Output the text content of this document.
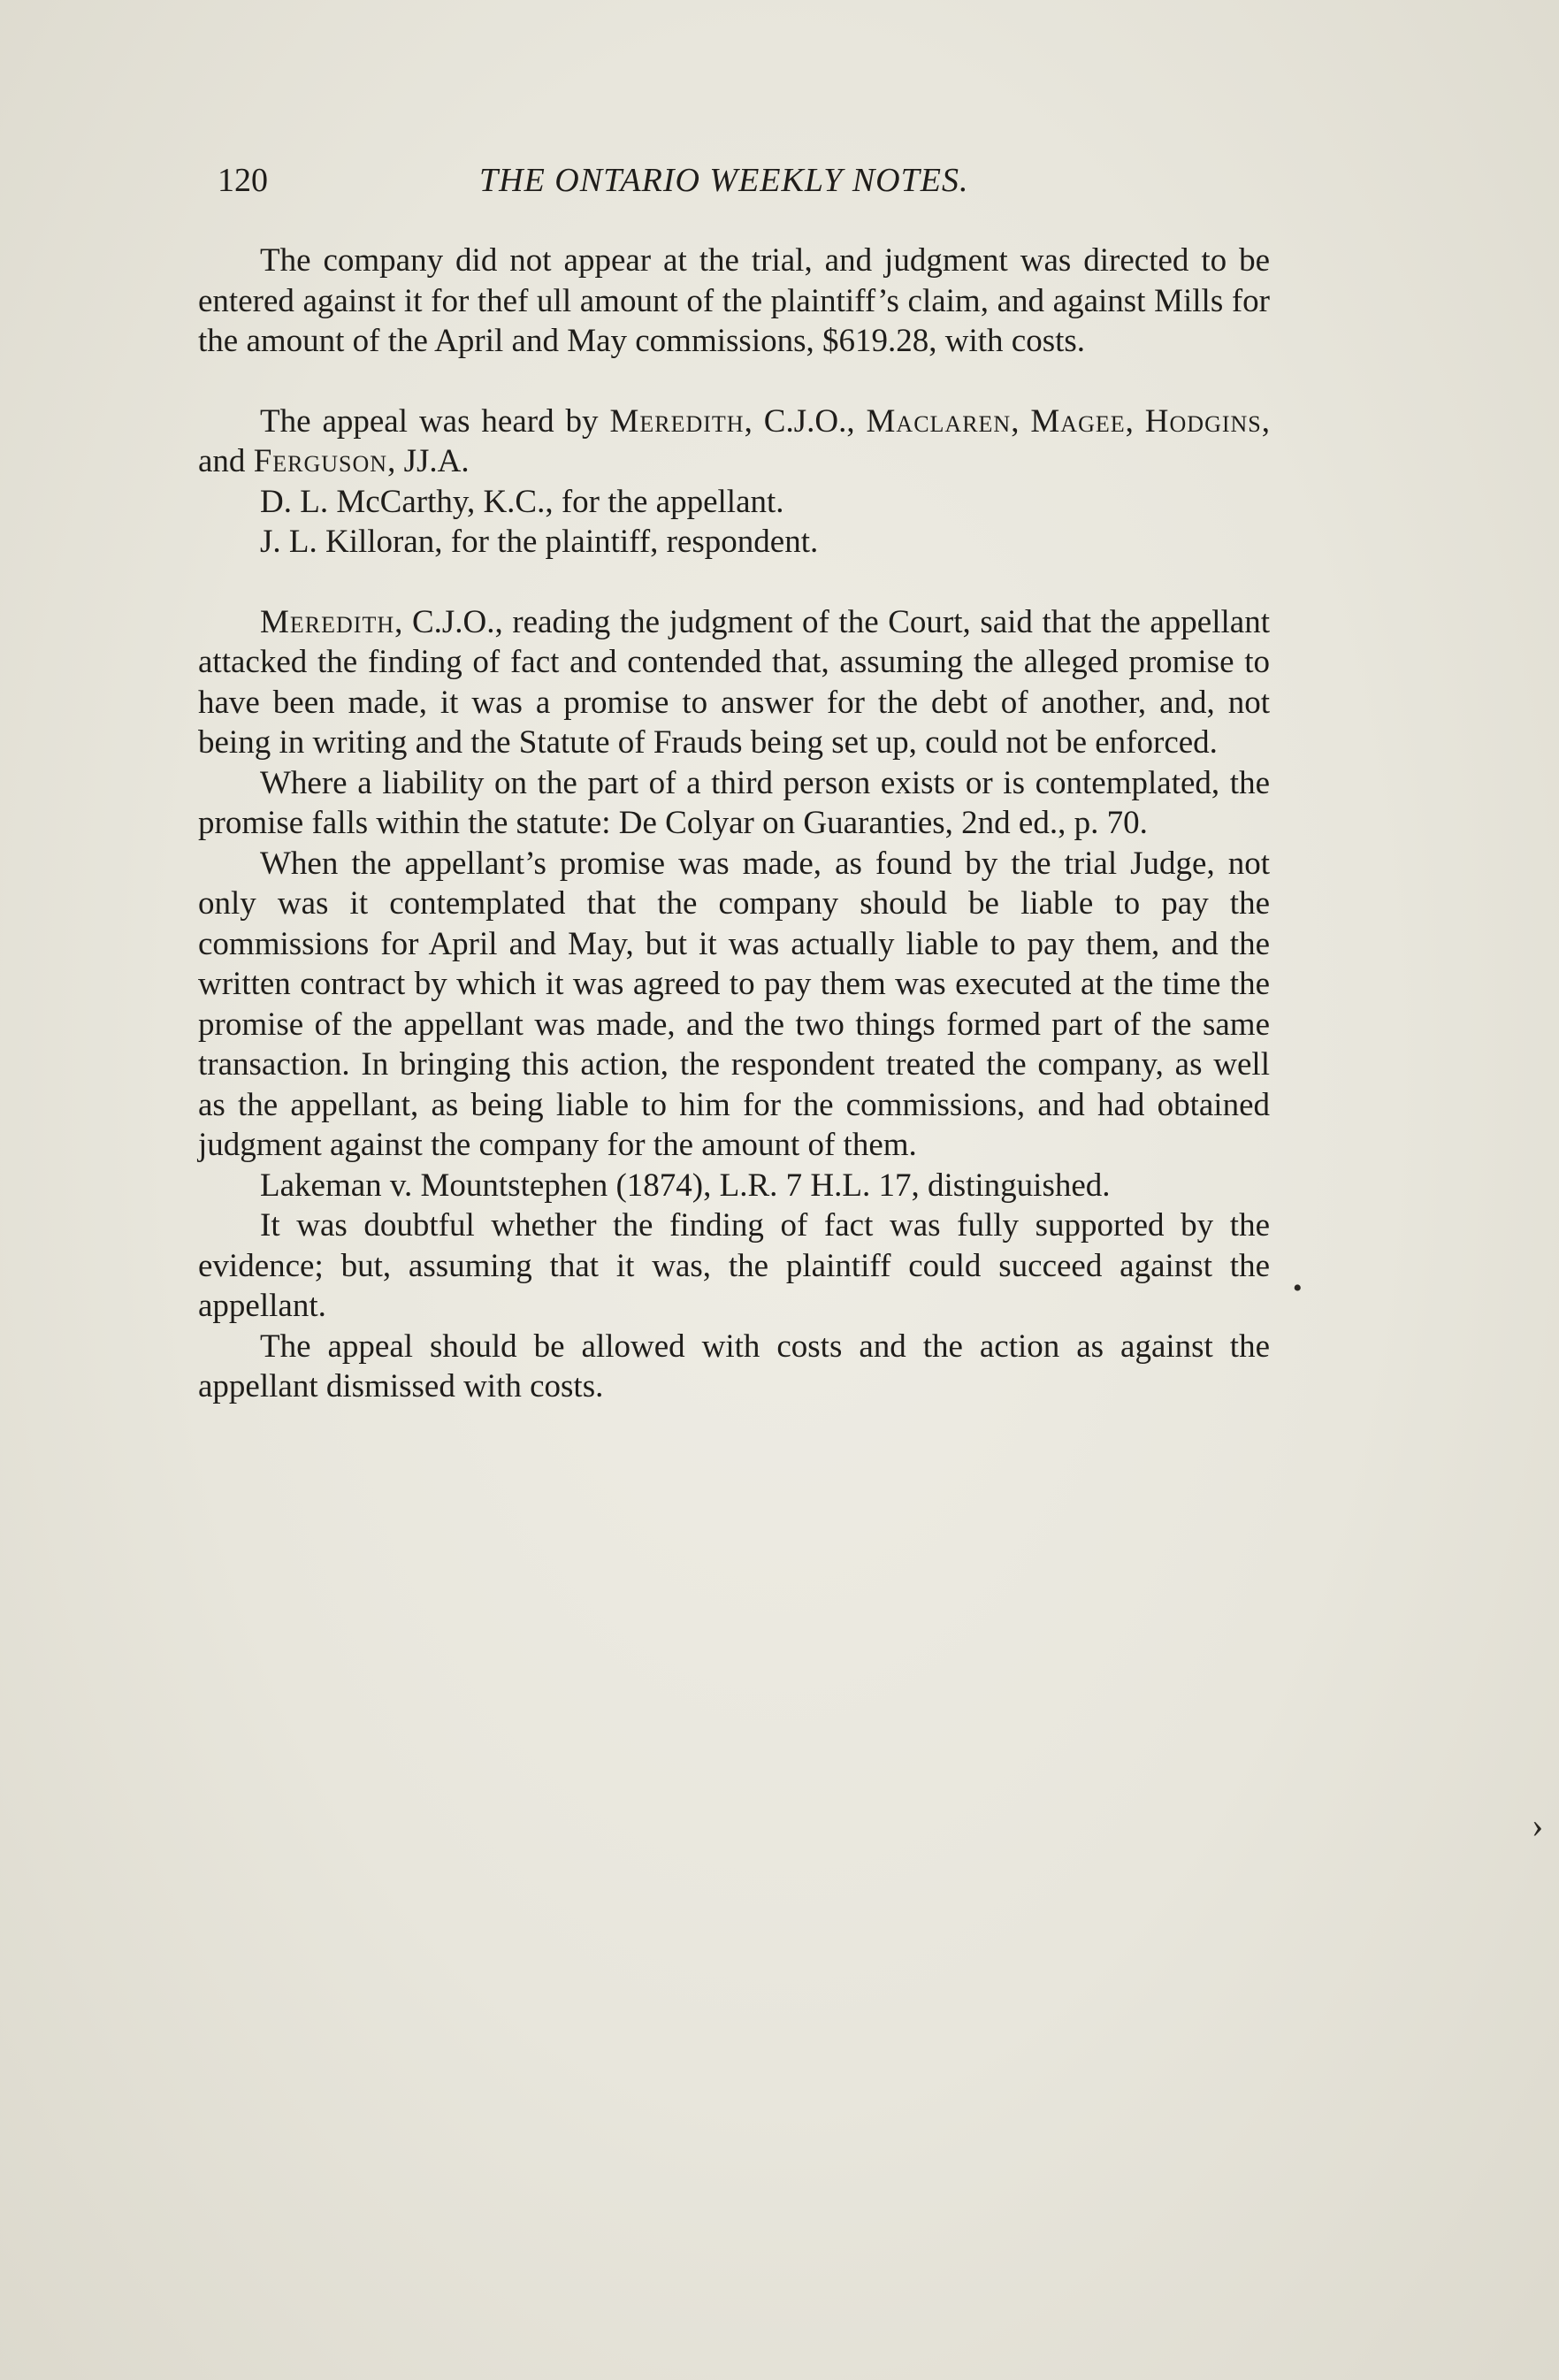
120	THE ONTARIO WEEKLY NOTES.

The company did not appear at the trial, and judgment was directed to be entered against it for thef ull amount of the plaintiff’s claim, and against Mills for the amount of the April and May commissions, $619.28, with costs.

The appeal was heard by Meredith, C.J.O., Maclaren, Magee, Hodgins, and Ferguson, JJ.A.

D. L. McCarthy, K.C., for the appellant.

J. L. Killoran, for the plaintiff, respondent.

Meredith, C.J.O., reading the judgment of the Court, said that the appellant attacked the finding of fact and contended that, assuming the alleged promise to have been made, it was a promise to answer for the debt of another, and, not being in writing and the Statute of Frauds being set up, could not be enforced.

Where a liability on the part of a third person exists or is contemplated, the promise falls within the statute: De Colyar on Guaranties, 2nd ed., p. 70.

When the appellant’s promise was made, as found by the trial Judge, not only was it contemplated that the company should be liable to pay the commissions for April and May, but it was actually liable to pay them, and the written contract by which it was agreed to pay them was executed at the time the promise of the appellant was made, and the two things formed part of the same transaction. In bringing this action, the respondent treated the company, as well as the appellant, as being liable to him for the commissions, and had obtained judgment against the company for the amount of them.

Lakeman v. Mountstephen (1874), L.R. 7 H.L. 17, distinguished.

It was doubtful whether the finding of fact was fully supported by the evidence; but, assuming that it was, the plaintiff could succeed against the appellant.

The appeal should be allowed with costs and the action as against the appellant dismissed with costs.

•
›
